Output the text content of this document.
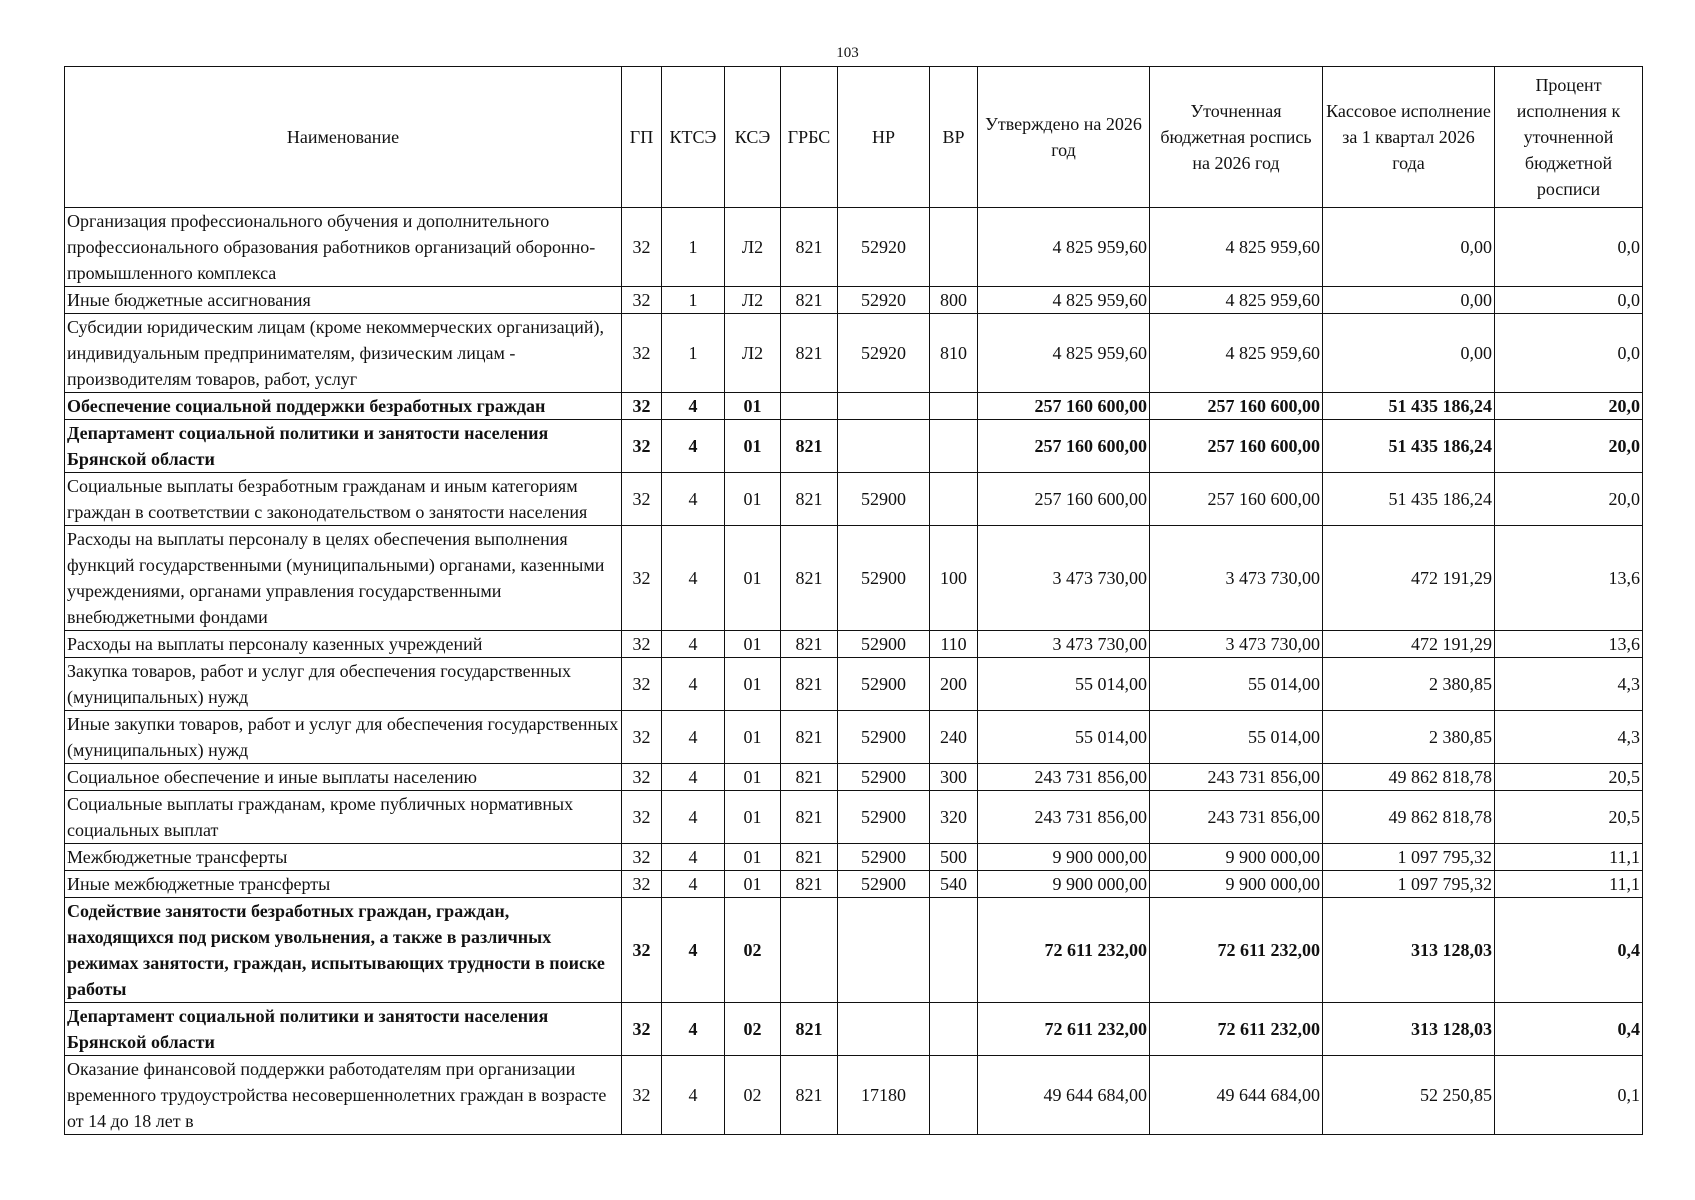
103
Наименование	ГП	КТСЭ	КСЭ	ГРБС	НР	ВР	Утверждено на 2026 год	Уточненная бюджетная роспись на 2026 год	Кассовое исполнение за 1 квартал 2026 года	Процент исполнения к уточненной бюджетной росписи
Организация профессионального обучения и дополнительного профессионального образования работников организаций оборонно-промышленного комплекса	32	1	Л2	821	52920		4 825 959,60	4 825 959,60	0,00	0,0
Иные бюджетные ассигнования	32	1	Л2	821	52920	800	4 825 959,60	4 825 959,60	0,00	0,0
Субсидии юридическим лицам (кроме некоммерческих организаций), индивидуальным предпринимателям, физическим лицам - производителям товаров, работ, услуг	32	1	Л2	821	52920	810	4 825 959,60	4 825 959,60	0,00	0,0
Обеспечение социальной поддержки безработных граждан	32	4	01				257 160 600,00	257 160 600,00	51 435 186,24	20,0
Департамент социальной политики и занятости населения Брянской области	32	4	01	821			257 160 600,00	257 160 600,00	51 435 186,24	20,0
Социальные выплаты безработным гражданам и иным категориям граждан в соответствии с законодательством о занятости населения	32	4	01	821	52900		257 160 600,00	257 160 600,00	51 435 186,24	20,0
Расходы на выплаты персоналу в целях обеспечения выполнения функций государственными (муниципальными) органами, казенными учреждениями, органами управления государственными внебюджетными фондами	32	4	01	821	52900	100	3 473 730,00	3 473 730,00	472 191,29	13,6
Расходы на выплаты персоналу казенных учреждений	32	4	01	821	52900	110	3 473 730,00	3 473 730,00	472 191,29	13,6
Закупка товаров, работ и услуг для обеспечения государственных (муниципальных) нужд	32	4	01	821	52900	200	55 014,00	55 014,00	2 380,85	4,3
Иные закупки товаров, работ и услуг для обеспечения государственных (муниципальных) нужд	32	4	01	821	52900	240	55 014,00	55 014,00	2 380,85	4,3
Социальное обеспечение и иные выплаты населению	32	4	01	821	52900	300	243 731 856,00	243 731 856,00	49 862 818,78	20,5
Социальные выплаты гражданам, кроме публичных нормативных социальных выплат	32	4	01	821	52900	320	243 731 856,00	243 731 856,00	49 862 818,78	20,5
Межбюджетные трансферты	32	4	01	821	52900	500	9 900 000,00	9 900 000,00	1 097 795,32	11,1
Иные межбюджетные трансферты	32	4	01	821	52900	540	9 900 000,00	9 900 000,00	1 097 795,32	11,1
Содействие занятости безработных граждан, граждан, находящихся под риском увольнения, а также в различных режимах занятости, граждан, испытывающих трудности в поиске работы	32	4	02				72 611 232,00	72 611 232,00	313 128,03	0,4
Департамент социальной политики и занятости населения Брянской области	32	4	02	821			72 611 232,00	72 611 232,00	313 128,03	0,4
Оказание финансовой поддержки работодателям при организации временного трудоустройства несовершеннолетних граждан в возрасте от 14 до 18 лет в	32	4	02	821	17180		49 644 684,00	49 644 684,00	52 250,85	0,1
